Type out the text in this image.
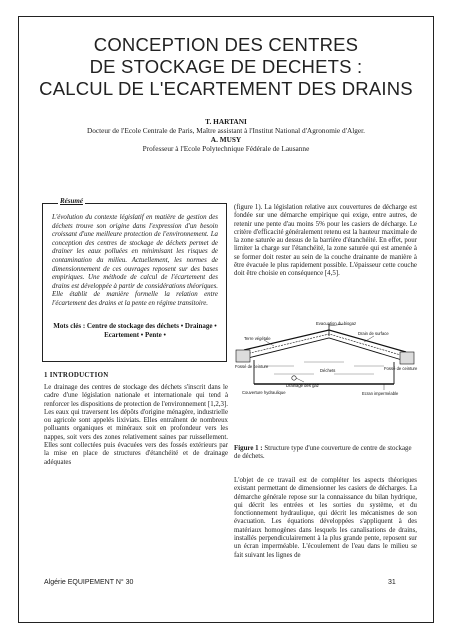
CONCEPTION DES CENTRES
DE STOCKAGE DE DECHETS :
CALCUL DE L'ECARTEMENT DES DRAINS
T. HARTANI
Docteur de l'Ecole Centrale de Paris, Maître assistant à l'Institut National d'Agronomie d'Alger.
A. MUSY
Professeur à l'Ecole Polytechnique Fédérale de Lausanne
Résumé
L'évolution du contexte législatif en matière de gestion des déchets trouve son origine dans l'expression d'un besoin croissant d'une meilleure protection de l'environnement. La conception des centres de stockage de déchets permet de drainer les eaux polluées en minimisant les risques de contamination du milieu. Actuellement, les normes de dimensionnement de ces ouvrages reposent sur des bases empiriques. Une méthode de calcul de l'écartement des drains est développée à partir de considérations théoriques. Elle établit de manière formelle la relation entre l'écartement des drains et la pente en régime transitoire.
Mots clés : Centre de stockage des déchets • Drainage • Ecartement • Pente •
1 INTRODUCTION
Le drainage des centres de stockage des déchets s'inscrit dans le cadre d'une législation nationale et internationale qui tend à renforcer les dispositions de protection de l'environnement [1,2,3]. Les eaux qui traversent les dépôts d'origine ménagère, industrielle ou agricole sont appelés lixiviats. Elles entraînent de nombreux polluants organiques et minéraux soit en profondeur vers les nappes, soit vers des zones relativement saines par ruissellement. Elles sont collectées puis évacuées vers des fossés extérieurs par la mise en place de structures d'étanchéité et de drainage adéquates
(figure 1). La législation relative aux couvertures de décharge est fondée sur une démarche empirique qui exige, entre autres, de retenir une pente d'au moins 5% pour les casiers de décharge. Le critère d'efficacité généralement retenu est la hauteur maximale de la zone saturée au dessus de la barrière d'étanchéité. En effet, pour limiter la charge sur l'étanchéité, la zone saturée qui est amenée à se former doit rester au sein de la couche drainante de manière à être évacuée le plus rapidement possible. L'épaisseur cette couche doit être choisie en conséquence [4,5].
Evacuation du biogaz
Terre végétale
Drain de surface
Fossé de ceinture	Fossé de ceinture
Déchets
Drainage des gaz
Ecran imperméable
Couverture hydraulique
Figure 1 : Structure type d'une couverture de centre de stockage de déchets.
L'objet de ce travail est de compléter les aspects théoriques existant permettant de dimensionner les casiers de décharges. La démarche générale repose sur la connaissance du bilan hydrique, qui décrit les entrées et les sorties du système, et du fonctionnement hydraulique, qui décrit les mécanismes de son évacuation. Les équations développées s'appliquent à des matériaux homogènes dans lesquels les canalisations de drains, installés perpendiculairement à la plus grande pente, reposent sur un écran imperméable. L'écoulement de l'eau dans le milieu se fait suivant les lignes de
Algérie EQUIPEMENT N° 30	31
